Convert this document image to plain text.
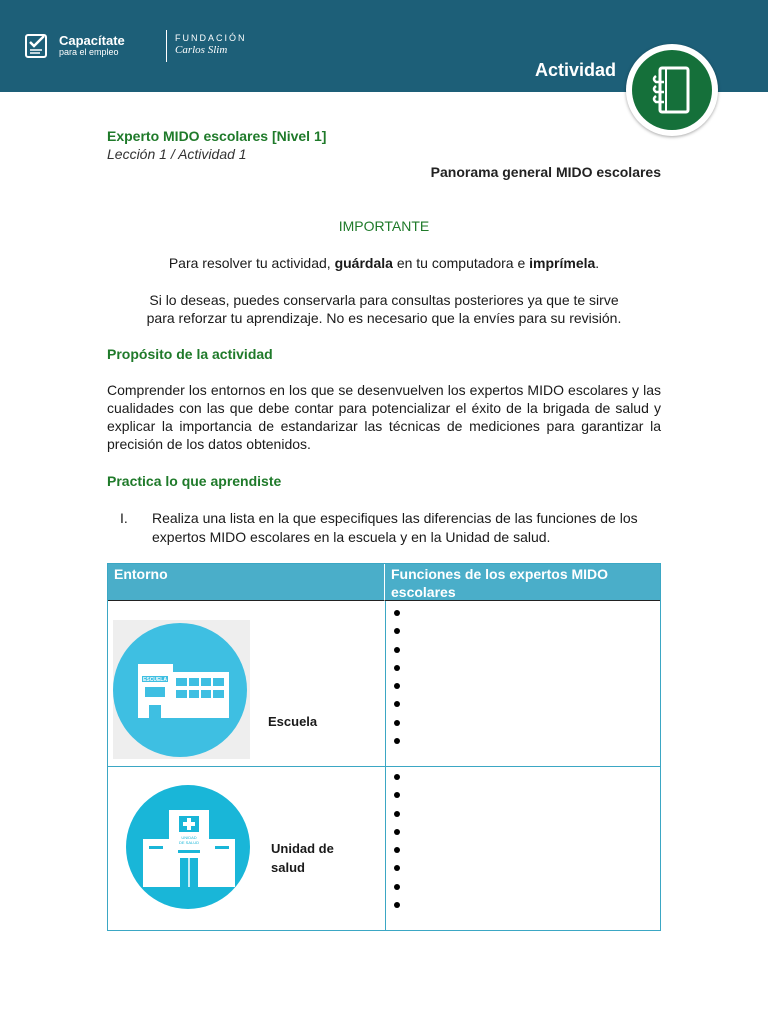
Capacítate
para el empleo
FUNDACIÓN
Carlos Slim
Actividad
Experto MIDO escolares [Nivel 1]
Lección 1 / Actividad 1
Panorama general MIDO escolares
IMPORTANTE
Para resolver tu actividad, guárdala en tu computadora e imprímela.
Si lo deseas, puedes conservarla para consultas posteriores ya que te sirve
para reforzar tu aprendizaje. No es necesario que la envíes para su revisión.
Propósito de la actividad
Comprender los entornos en los que se desenvuelven los expertos MIDO escolares y las cualidades con las que debe contar para potencializar el éxito de la brigada de salud y explicar la importancia de estandarizar las técnicas de mediciones para garantizar la precisión de los datos obtenidos.
Practica lo que aprendiste
I. Realiza una lista en la que especifiques las diferencias de las funciones de los expertos MIDO escolares en la escuela y en la Unidad de salud.
Entorno	Funciones de los expertos MIDO escolares
ESCUELA
Escuela
UNIDAD
DE SALUD	Unidad de
salud
